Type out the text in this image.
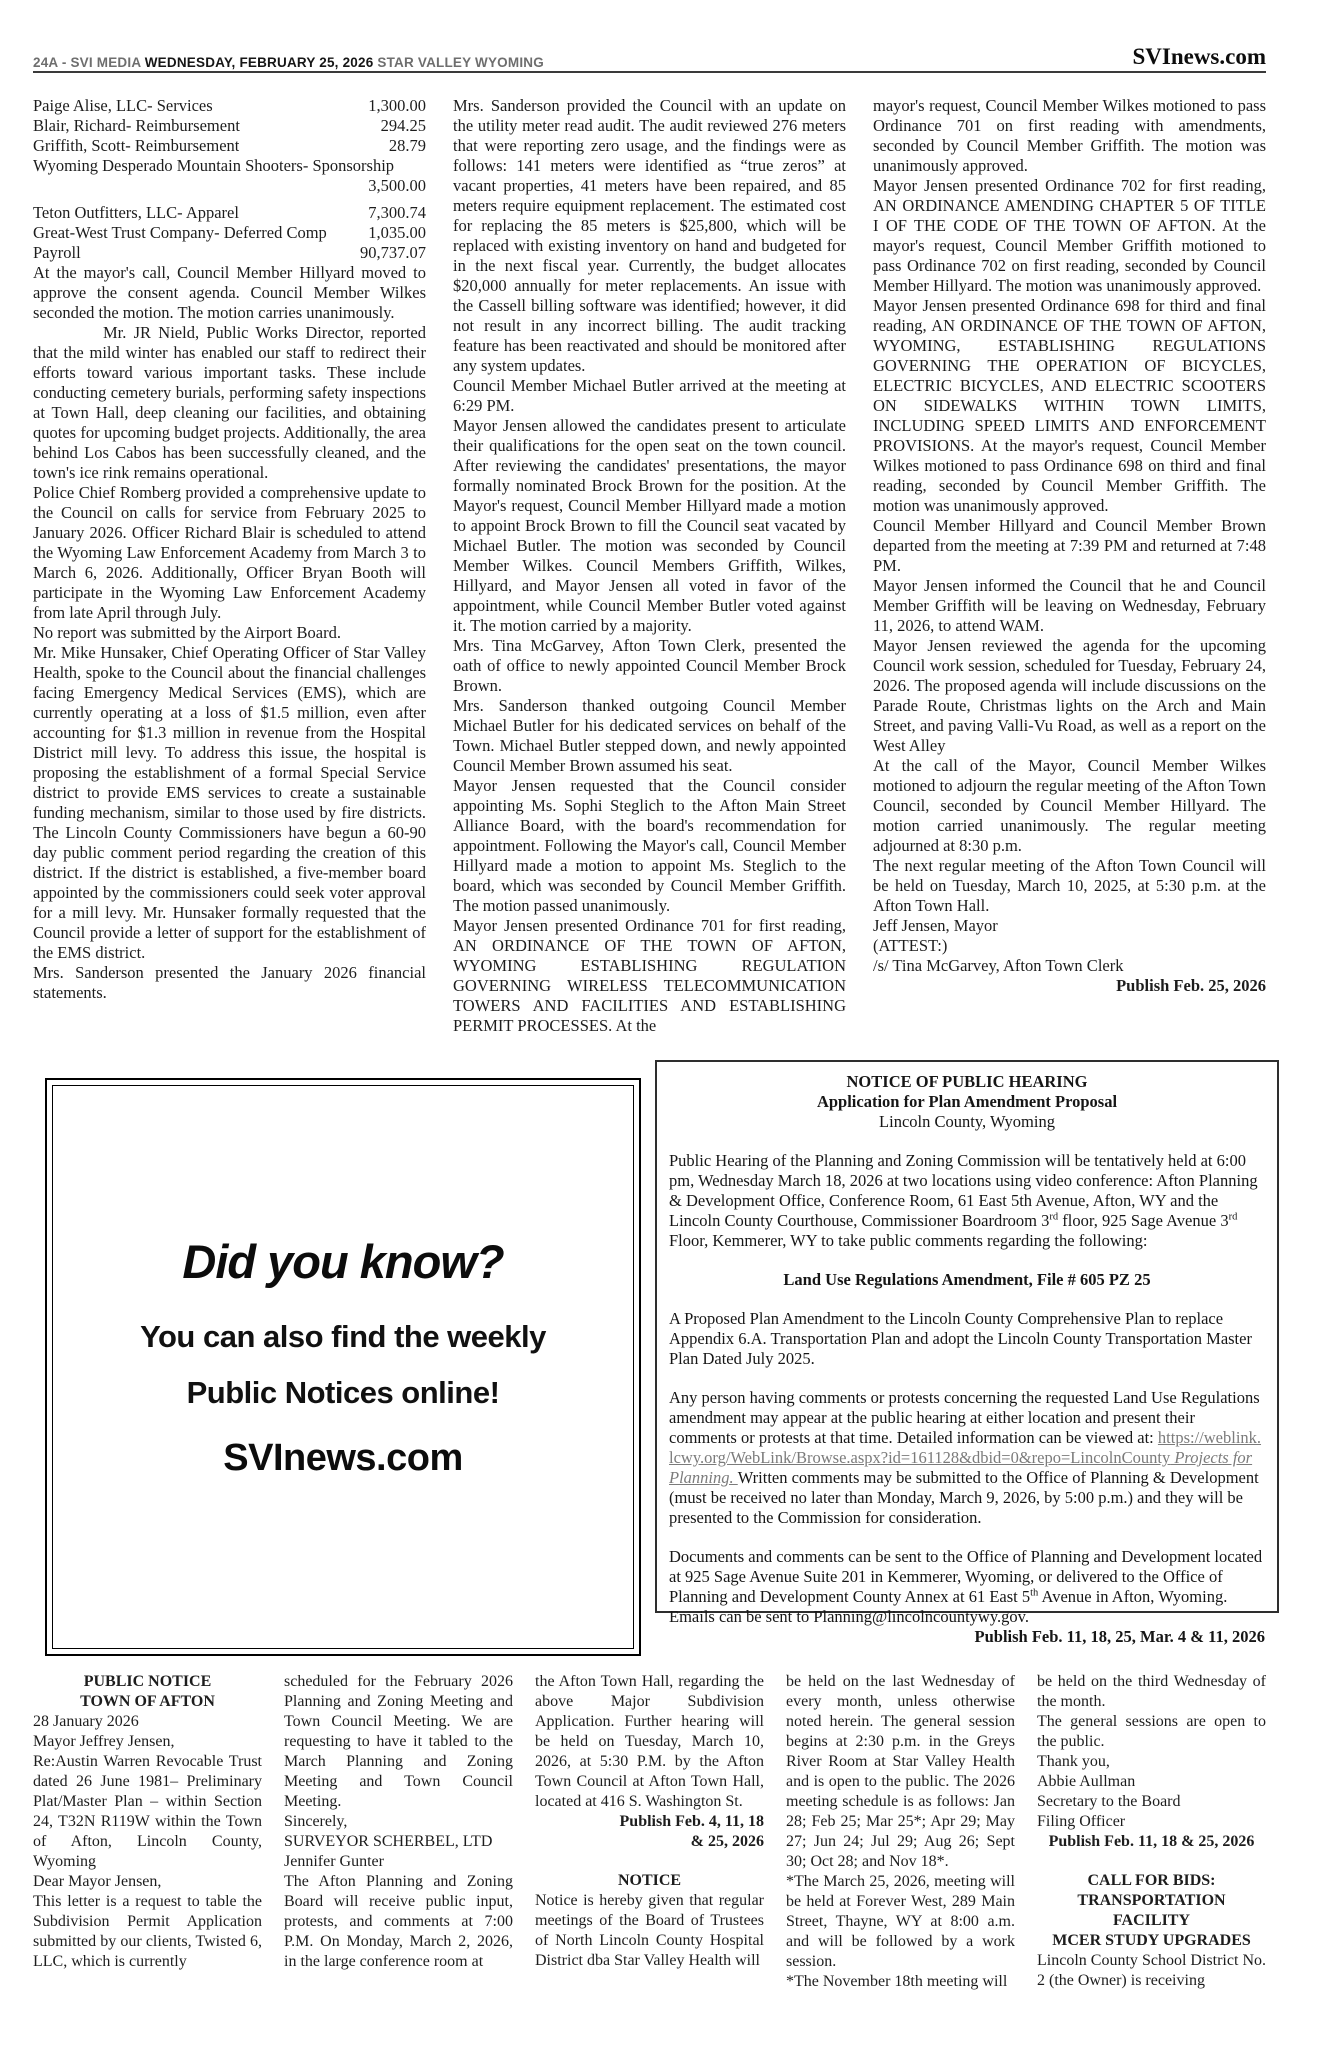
24A - SVI MEDIA WEDNESDAY, FEBRUARY 25, 2026 STAR VALLEY WYOMING	SVInews.com
Paige Alise, LLC- Services	1,300.00
Blair, Richard- Reimbursement	294.25
Griffith, Scott- Reimbursement	28.79
Wyoming Desperado Mountain Shooters- Sponsorship
3,500.00
Teton Outfitters, LLC- Apparel	7,300.74
Great-West Trust Company- Deferred Comp	1,035.00
Payroll	90,737.07

At the mayor's call, Council Member Hillyard moved to approve the consent agenda. Council Member Wilkes seconded the motion. The motion carries unanimously.

Mr. JR Nield, Public Works Director, reported that the mild winter has enabled our staff to redirect their efforts toward various important tasks. These include conducting cemetery burials, performing safety inspections at Town Hall, deep cleaning our facilities, and obtaining quotes for upcoming budget projects. Additionally, the area behind Los Cabos has been successfully cleaned, and the town's ice rink remains operational.

Police Chief Romberg provided a comprehensive update to the Council on calls for service from February 2025 to January 2026. Officer Richard Blair is scheduled to attend the Wyoming Law Enforcement Academy from March 3 to March 6, 2026. Additionally, Officer Bryan Booth will participate in the Wyoming Law Enforcement Academy from late April through July.

No report was submitted by the Airport Board.

Mr. Mike Hunsaker, Chief Operating Officer of Star Valley Health, spoke to the Council about the financial challenges facing Emergency Medical Services (EMS), which are currently operating at a loss of $1.5 million, even after accounting for $1.3 million in revenue from the Hospital District mill levy. To address this issue, the hospital is proposing the establishment of a formal Special Service district to provide EMS services to create a sustainable funding mechanism, similar to those used by fire districts. The Lincoln County Commissioners have begun a 60-90 day public comment period regarding the creation of this district. If the district is established, a five-member board appointed by the commissioners could seek voter approval for a mill levy. Mr. Hunsaker formally requested that the Council provide a letter of support for the establishment of the EMS district.

Mrs. Sanderson presented the January 2026 financial statements.

Mrs. Sanderson provided the Council with an update on the utility meter read audit. The audit reviewed 276 meters that were reporting zero usage, and the findings were as follows: 141 meters were identified as “true zeros” at vacant properties, 41 meters have been repaired, and 85 meters require equipment replacement. The estimated cost for replacing the 85 meters is $25,800, which will be replaced with existing inventory on hand and budgeted for in the next fiscal year. Currently, the budget allocates $20,000 annually for meter replacements. An issue with the Cassell billing software was identified; however, it did not result in any incorrect billing. The audit tracking feature has been reactivated and should be monitored after any system updates.

Council Member Michael Butler arrived at the meeting at 6:29 PM.

Mayor Jensen allowed the candidates present to articulate their qualifications for the open seat on the town council. After reviewing the candidates' presentations, the mayor formally nominated Brock Brown for the position. At the Mayor's request, Council Member Hillyard made a motion to appoint Brock Brown to fill the Council seat vacated by Michael Butler. The motion was seconded by Council Member Wilkes. Council Members Griffith, Wilkes, Hillyard, and Mayor Jensen all voted in favor of the appointment, while Council Member Butler voted against it. The motion carried by a majority.

Mrs. Tina McGarvey, Afton Town Clerk, presented the oath of office to newly appointed Council Member Brock Brown.

Mrs. Sanderson thanked outgoing Council Member Michael Butler for his dedicated services on behalf of the Town. Michael Butler stepped down, and newly appointed Council Member Brown assumed his seat.

Mayor Jensen requested that the Council consider appointing Ms. Sophi Steglich to the Afton Main Street Alliance Board, with the board's recommendation for appointment. Following the Mayor's call, Council Member Hillyard made a motion to appoint Ms. Steglich to the board, which was seconded by Council Member Griffith. The motion passed unanimously.

Mayor Jensen presented Ordinance 701 for first reading, AN ORDINANCE OF THE TOWN OF AFTON, WYOMING ESTABLISHING REGULATION GOVERNING WIRELESS TELECOMMUNICATION TOWERS AND FACILITIES AND ESTABLISHING PERMIT PROCESSES. At the

mayor's request, Council Member Wilkes motioned to pass Ordinance 701 on first reading with amendments, seconded by Council Member Griffith. The motion was unanimously approved.

Mayor Jensen presented Ordinance 702 for first reading, AN ORDINANCE AMENDING CHAPTER 5 OF TITLE I OF THE CODE OF THE TOWN OF AFTON. At the mayor's request, Council Member Griffith motioned to pass Ordinance 702 on first reading, seconded by Council Member Hillyard. The motion was unanimously approved.

Mayor Jensen presented Ordinance 698 for third and final reading, AN ORDINANCE OF THE TOWN OF AFTON, WYOMING, ESTABLISHING REGULATIONS GOVERNING THE OPERATION OF BICYCLES, ELECTRIC BICYCLES, AND ELECTRIC SCOOTERS ON SIDEWALKS WITHIN TOWN LIMITS, INCLUDING SPEED LIMITS AND ENFORCEMENT PROVISIONS. At the mayor's request, Council Member Wilkes motioned to pass Ordinance 698 on third and final reading, seconded by Council Member Griffith. The motion was unanimously approved.

Council Member Hillyard and Council Member Brown departed from the meeting at 7:39 PM and returned at 7:48 PM.

Mayor Jensen informed the Council that he and Council Member Griffith will be leaving on Wednesday, February 11, 2026, to attend WAM.

Mayor Jensen reviewed the agenda for the upcoming Council work session, scheduled for Tuesday, February 24, 2026. The proposed agenda will include discussions on the Parade Route, Christmas lights on the Arch and Main Street, and paving Valli-Vu Road, as well as a report on the West Alley

At the call of the Mayor, Council Member Wilkes motioned to adjourn the regular meeting of the Afton Town Council, seconded by Council Member Hillyard. The motion carried unanimously. The regular meeting adjourned at 8:30 p.m.

The next regular meeting of the Afton Town Council will be held on Tuesday, March 10, 2025, at 5:30 p.m. at the Afton Town Hall.

Jeff Jensen, Mayor

(ATTEST:)

/s/ Tina McGarvey, Afton Town Clerk

Publish Feb. 25, 2026

Did you know?
You can also find the weekly
Public Notices online!
SVInews.com

NOTICE OF PUBLIC HEARING

Application for Plan Amendment Proposal

Lincoln County, Wyoming

Public Hearing of the Planning and Zoning Commission will be tentatively held at 6:00 pm, Wednesday March 18, 2026 at two locations using video conference: Afton Planning & Development Office, Conference Room, 61 East 5th Avenue, Afton, WY and the Lincoln County Courthouse, Commissioner Boardroom 3rd floor, 925 Sage Avenue 3rd Floor, Kemmerer, WY to take public comments regarding the following:

Land Use Regulations Amendment, File # 605 PZ 25

A Proposed Plan Amendment to the Lincoln County Comprehensive Plan to replace Appendix 6.A. Transportation Plan and adopt the Lincoln County Transportation Master Plan Dated July 2025.

Any person having comments or protests concerning the requested Land Use Regulations amendment may appear at the public hearing at either location and present their comments or protests at that time. Detailed information can be viewed at: https://weblink.lcwy.org/WebLink/Browse.aspx?id=161128&dbid=0&repo=LincolnCounty Projects for Planning. Written comments may be submitted to the Office of Planning & Development (must be received no later than Monday, March 9, 2026, by 5:00 p.m.) and they will be presented to the Commission for consideration.

Documents and comments can be sent to the Office of Planning and Development located at 925 Sage Avenue Suite 201 in Kemmerer, Wyoming, or delivered to the Office of Planning and Development County Annex at 61 East 5th Avenue in Afton, Wyoming. Emails can be sent to Planning@lincolncountywy.gov.

Publish Feb. 11, 18, 25, Mar. 4 & 11, 2026

PUBLIC NOTICE

TOWN OF AFTON

28 January 2026

Mayor Jeffrey Jensen,

Re:Austin Warren Revocable Trust dated 26 June 1981– Preliminary Plat/Master Plan – within Section 24, T32N R119W within the Town of Afton, Lincoln County, Wyoming

Dear Mayor Jensen,

This letter is a request to table the Subdivision Permit Application submitted by our clients, Twisted 6, LLC, which is currently

scheduled for the February 2026 Planning and Zoning Meeting and Town Council Meeting. We are requesting to have it tabled to the March Planning and Zoning Meeting and Town Council Meeting.

Sincerely,

SURVEYOR SCHERBEL, LTD

Jennifer Gunter

The Afton Planning and Zoning Board will receive public input, protests, and comments at 7:00 P.M. On Monday, March 2, 2026, in the large conference room at

the Afton Town Hall, regarding the above Major Subdivision Application. Further hearing will be held on Tuesday, March 10, 2026, at 5:30 P.M. by the Afton Town Council at Afton Town Hall, located at 416 S. Washington St.

Publish Feb. 4, 11, 18

& 25, 2026

NOTICE

Notice is hereby given that regular meetings of the Board of Trustees of North Lincoln County Hospital District dba Star Valley Health will

be held on the last Wednesday of every month, unless otherwise noted herein. The general session begins at 2:30 p.m. in the Greys River Room at Star Valley Health and is open to the public. The 2026 meeting schedule is as follows: Jan 28; Feb 25; Mar 25*; Apr 29; May 27; Jun 24; Jul 29; Aug 26; Sept 30; Oct 28; and Nov 18*.

*The March 25, 2026, meeting will be held at Forever West, 289 Main Street, Thayne, WY at 8:00 a.m. and will be followed by a work session.

*The November 18th meeting will

be held on the third Wednesday of the month.

The general sessions are open to the public.

Thank you,

Abbie Aullman

Secretary to the Board

Filing Officer

Publish Feb. 11, 18 & 25, 2026

CALL FOR BIDS:

TRANSPORTATION FACILITY

MCER STUDY UPGRADES

Lincoln County School District No. 2 (the Owner) is receiving
